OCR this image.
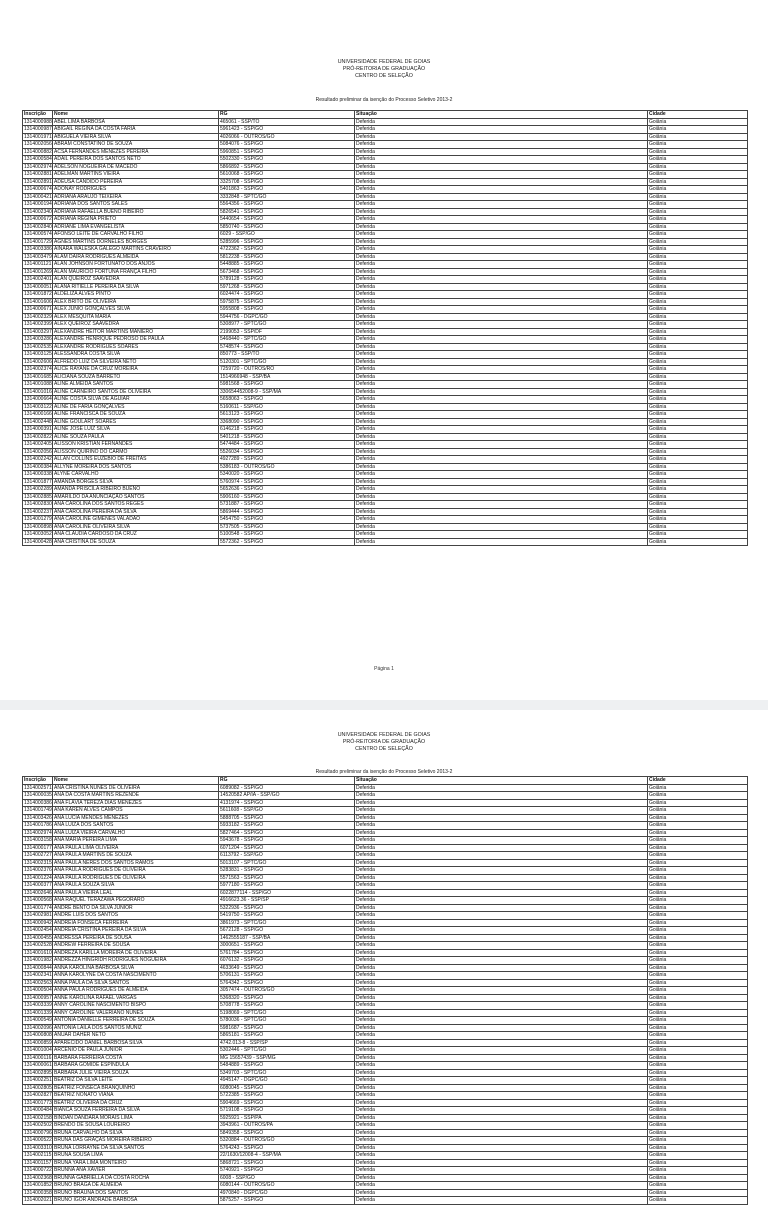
UNIVERSIDADE FEDERAL DE GOIAS
PRÓ-REITORIA DE GRADUAÇÃO
CENTRO DE SELEÇÃO
Resultado preliminar da isenção do Processo Seletivo 2013-2
Inscrição	Nome	RG	Situação	Cidade
1314000988	ABEL LIMA BARBOSA	465061 - SSP/TO	Deferida	Goiânia
1314000987	ABIGAIL REGINA DA COSTA FARIA	5961423 - SSP/GO	Deferida	Goiânia
1314001971	ABIGUELA VIEIRA SILVA	4026066 - OUTROS/GO	Deferida	Goiânia
1314002056	ABRAM CONSTATINO DE SOUZA	5084076 - SSP/GO	Deferida	Goiânia
1314000882	ACSA FERNANDES MENEZES PEREIRA	5960851 - SSP/GO	Deferida	Goiânia
1314000584	ADAIL PEREIRA DOS SANTOS NETO	5502330 - SSP/GO	Deferida	Goiânia
1314002974	ADELSON NOGUEIRA DE MACEDO	5866892 - SSP/GO	Deferida	Goiânia
1314002881	ADELMAN MARTINS VIEIRA	5610068 - SSP/GO	Deferida	Goiânia
1314002891	ADEUSA CANDIDO PEREIRA	3325708 - SSP/GO	Deferida	Goiânia
1314000674	ADONAY RODRIGUES	5401863 - SSP/GO	Deferida	Goiânia
1314000421	ADRIANA ARAUJO TEIXEIRA	3332848 - SPTC/GO	Deferida	Goiânia
1314000194	ADRIANA DOS SANTOS SALES	5564356 - SSP/GO	Deferida	Goiânia
1314002340	ADRIANA RAFAELLA BUENO RIBEIRO	5826541 - SSP/GO	Deferida	Goiânia
1314000672	ADRIANA REGINA PRIETO	5440654 - SSP/GO	Deferida	Goiânia
1314002840	ADRIANE LIMA EVANGELISTA	5850740 - SSP/GO	Deferida	Goiânia
1314000574	AFONSO LEITE DE CARVALHO FILHO	6029 - SSP/GO	Deferida	Goiânia
1314001729	AGNES MARTINS DORNELES BORGES	5285996 - SSP/GO	Deferida	Goiânia
1314003386	AINARA WALESKA GALEGO MARTINS CRAVEIRO	4722362 - SSP/GO	Deferida	Goiânia
1314003479	ALAM DAIRA RODRIGUES ALMEIDA	5812238 - SSP/GO	Deferida	Goiânia
1314001121	ALAN JOHNSON FORTUNATO DOS ANJOS	5448885 - SSP/GO	Deferida	Goiânia
1314001269	ALAN MAURÍCIO FORTUNA FRANÇA FILHO	5673468 - SSP/GO	Deferida	Goiânia
1314002401	ALAN QUEIROZ SAAVEDRA	5789128 - SSP/GO	Deferida	Goiânia
1314000051	ALANA RITIELLE PEREIRA DA SILVA	5971268 - SSP/GO	Deferida	Goiânia
1314001872	ALDELIZA ALVES PINTO	6024474 - SSP/GO	Deferida	Goiânia
1314001606	ALEX BRITO DE OLIVEIRA	5975875 - SSP/GO	Deferida	Goiânia
1314000671	ALEX JUNIO GONÇALVES SILVA	5955808 - SSP/GO	Deferida	Goiânia
1314002329	ALEX MESQUITA MARIA	5944756 - DGPC/GO	Deferida	Goiânia
1314002399	ALEX QUEIROZ SAAVEDRA	5308977 - SPTC/GO	Deferida	Goiânia
1314003297	ALEXANDRE HEITOR MARTINS MANIERO	2199053 - SSP/DF	Deferida	Goiânia
1314003286	ALEXANDRE HENRIQUE PEDROSO DE PAULA	5468440 - SPTC/GO	Deferida	Goiânia
1314002535	ALEXANDRE RODRIGUES SOARES	5748574 - SSP/GO	Deferida	Goiânia
1314003125	ALESSANDRA COSTA SILVA	850773 - SSP/TO	Deferida	Goiânia
1314002606	ALFREDO LUIZ DA SILVEIRA NETO	5120301 - SPTC/GO	Deferida	Goiânia
1314002374	ALICE RAYANE DA CRUZ MOREIRA	7259720 - OUTROS/RO	Deferida	Goiânia
1314001685	ALICIANA SOUZA BARRETO	1514966948 - SSP/BA	Deferida	Goiânia
1314001088	ALINE ALMEIDA SANTOS	5981568 - SSP/GO	Deferida	Goiânia
1314001016	ALINE CARNEIRO SANTOS DE OLIVEIRA	330654452008-9 - SSP/MA	Deferida	Goiânia
1314000664	ALINE COSTA SILVA DE AGUIAR	5658063 - SSP/GO	Deferida	Goiânia
1314003122	ALINE DE FARIA GONÇALVES	5160611 - SSP/GO	Deferida	Goiânia
1314000166	ALINE FRANCISCA DE SOUZA	5613123 - SSP/GO	Deferida	Goiânia
1314002448	ALINE GOULART SOARES	3368090 - SSP/GO	Deferida	Goiânia
1314000391	ALINE JOSE LUIZ SILVA	6146218 - SSP/GO	Deferida	Goiânia
1314002822	ALINE SOUZA PAULA	5401218 - SSP/GO	Deferida	Goiânia
1314002405	ALISSON KRISTIAN FERNANDES	5474484 - SSP/GO	Deferida	Goiânia
1314002056	ALISSON QUIRINO DO CARMO	5526034 - SSP/GO	Deferida	Goiânia
1314002242	ALLAN COLLINS EUZEBIO DE FREITAS	4927289 - SSP/GO	Deferida	Goiânia
1314000384	ALLYNE MOREIRA DOS SANTOS	5386183 - OUTROS/GO	Deferida	Goiânia
1314000338	ALYNE CARVALHO	5340020 - SSP/GO	Deferida	Goiânia
1314001877	AMANDA BORGES SILVA	5760974 - SSP/GO	Deferida	Goiânia
1314002289	AMANDA PRISCILA RIBEIRO BUENO	5652636 - SSP/GO	Deferida	Goiânia
1314002885	AMARILDO DA ANUNCIAÇÃO SANTOS	5906160 - SSP/GO	Deferida	Goiânia
1314002830	ANA CAROLINA DOS SANTOS REGES	5731887 - SSP/GO	Deferida	Goiânia
1314002237	ANA CAROLINA PEREIRA DA SILVA	5869444 - SSP/GO	Deferida	Goiânia
1314001279	ANA CAROLINE GIMENES VALADAO	5454750 - SSP/GO	Deferida	Goiânia
1314000898	ANA CAROLINE OLIVEIRA SILVA	5737505 - SSP/GO	Deferida	Goiânia
1314003052	ANA CLAUDIA CARDOSO DA CRUZ	5100548 - SSP/GO	Deferida	Goiânia
1314000428	ANA CRISTINA DE SOUZA	5572362 - SSP/GO	Deferida	Goiânia
Página 1
UNIVERSIDADE FEDERAL DE GOIAS
PRÓ-REITORIA DE GRADUAÇÃO
CENTRO DE SELEÇÃO
Resultado preliminar da isenção do Processo Seletivo 2013-2
Inscrição	Nome	RG	Situação	Cidade
1314002571	ANA CRISTINA NUNES DE OLIVEIRA	6089082 - SSP/GO	Deferida	Goiânia
1314000035	ANA DA COSTA MARTINS REZENDE	14520582 AP/IA - SSP/GO	Deferida	Goiânia
1314000386	ANA FLÁVIA TEREZA DIAS MENEZES	4131974 - SSP/GO	Deferida	Goiânia
1314001749	ANA KAREN ALVES CAMPOS	5611608 - SSP/GO	Deferida	Goiânia
1314003426	ANA LUCIA MENDES MENEZES	5888705 - SSP/GO	Deferida	Goiânia
1314001786	ANA LUIZA DOS SANTOS	5933182 - SSP/GO	Deferida	Goiânia
1314002974	ANA LUIZA VIEIRA CARVALHO	5827464 - SSP/GO	Deferida	Goiânia
1314003158	ANA MARIA PEREIRA LIMA	5943678 - SSP/GO	Deferida	Goiânia
1314000177	ANA PAULA LIMA OLIVEIRA	6071204 - SSP/GO	Deferida	Goiânia
1314002727	ANA PAULA MARTINS DE SOUZA	6113792 - SSP/GO	Deferida	Goiânia
1314002315	ANA PAULA NERES DOS SANTOS RAMOS	5013107 - SPTC/GO	Deferida	Goiânia
1314002376	ANA PAULA RODRIGUES DE OLIVEIRA	5283831 - SSP/GO	Deferida	Goiânia
1314001224	ANA PAULA RODRIGUES DE OLIVEIRA	5571563 - SSP/GO	Deferida	Goiânia
1314000377	ANA PAULA SOUZA SILVA	5977180 - SSP/GO	Deferida	Goiânia
1314002646	ANA PAULA VIEIRA LEAL	6022877114 - SSP/GO	Deferida	Goiânia
1314000568	ANA RAQUEL TERAZAWA PEGORARO	4916623.36 - SSP/SP	Deferida	Goiânia
1314001774	ANDRÉ BENTO DA SILVA JÚNIOR	5322936 - SSP/GO	Deferida	Goiânia
1314002981	ANDRÉ LUIS DOS SANTOS	5419750 - SSP/GO	Deferida	Goiânia
1314000942	ANDREIA FONSECA FERREIRA	3861973 - SPTC/GO	Deferida	Goiânia
1314002454	ANDREIA CRISTINA PEREIRA DA SILVA	5672128 - SSP/GO	Deferida	Goiânia
1314000455	ANDRESSA PEREIRA DE SOUSA	1462555187 - SSP/BA	Deferida	Goiânia
1314002528	ANDREW FERREIRA DE SOUSA	3000651 - SSP/GO	Deferida	Goiânia
1314001610	ANDREZA KARILLA MOREIRA DE OLIVEIRA	5761784 - SSP/GO	Deferida	Goiânia
1314001982	ANDREZZA HINGRIDH RODRIGUES NOGUEIRA	6076132 - SSP/GO	Deferida	Goiânia
1314000844	ANNA KAROLINA BARBOSA SILVA	4633649 - SSP/GO	Deferida	Goiânia
1314002341	ANNA KAROLYNE DA COSTA NASCIMENTO	5706131 - SSP/GO	Deferida	Goiânia
1314002563	ANNA PAULA DA SILVA SANTOS	5764342 - SSP/GO	Deferida	Goiânia
1314000504	ANNA PAULA RODRIGUES DE ALMEIDA	3057474 - OUTROS/GO	Deferida	Goiânia
1314000957	ANNE KAROLINA RAFAEL VARGAS	5368320 - SSP/GO	Deferida	Goiânia
1314003339	ANNY CAROLINE NASCIMENTO BISPO	5708778 - SSP/GO	Deferida	Goiânia
1314001339	ANNY CAROLINE VALERIANO NUNES	5198069 - SPTC/GO	Deferida	Goiânia
1314000549	ANTONIA DANIELLE FERREIRA DE SOUZA	5780036 - SPTC/GO	Deferida	Goiânia
1314002096	ANTONIA LAILA DOS SANTOS MUNIZ	5981687 - SSP/GO	Deferida	Goiânia
1314000808	ANUAR DAHER NETO	5865181 - SSP/GO	Deferida	Goiânia
1314000859	APARECIDO DANIEL BARBOSA SILVA	4742.013-8 - SSP/SP	Deferida	Goiânia
1314001004	ARCENIO DE PAULA JÚNIOR	5302446 - SPTC/GO	Deferida	Goiânia
1314000116	BARBARA FERREIRA COSTA	MG 15657439 - SSP/MG	Deferida	Goiânia
1314000061	BARBARA GOMIDE ESPÍNDULA	5484889 - SSP/GO	Deferida	Goiânia
1314002895	BÁRBARA JULIE VIEIRA SOUZA	5349703 - SPTC/GO	Deferida	Goiânia
1314002251	BEATRIZ DA SILVA LEITE	4945147 - DGPC/GO	Deferida	Goiânia
1314002805	BEATRIZ FONSECA BRANQUINHO	6080045 - SSP/GO	Deferida	Goiânia
1314002827	BEATRIZ NONATO VIANA	5722385 - SSP/GO	Deferida	Goiânia
1314001773	BEATRIZ OLIVEIRA DA CRUZ	5904669 - SSP/GO	Deferida	Goiânia
1314000484	BIANCA SOUZA FERREIRA DA SILVA	5719108 - SSP/GO	Deferida	Goiânia
1314002158	BINDAN DANDARA MORAIS LIMA	5925921 - SSP/PA	Deferida	Goiânia
1314002502	BRENDO DE SOUSA LOUREIRO	3943961 - OUTROS/PA	Deferida	Goiânia
1314000796	BRUNA CARVALHO DA SILVA	5849358 - SSP/GO	Deferida	Goiânia
1314000522	BRUNA DAS GRAÇAS MOREIRA RIBEIRO	5320884 - OUTROS/GO	Deferida	Goiânia
1314003310	BRUNA LORRAYNE DA SILVA SANTOS	5764243 - SSP/GO	Deferida	Goiânia
1314002115	BRUNA SOUSA LIMA	22/1630/12008-4 - SSP/MA	Deferida	Goiânia
1314001157	BRUNA YARA LIMA MONTEIRO	5868721 - SSP/GO	Deferida	Goiânia
1314000722	BRUNNA ANA XAVIER	5740921 - SSP/GO	Deferida	Goiânia
1314002368	BRUNNA GABRIELLA DA COSTA ROCHA	6008 - SSP/GO	Deferida	Goiânia
1314001852	BRUNO BRAGA DE ALMEIDA	6080144 - OUTROS/GO	Deferida	Goiânia
1314000358	BRUNO BRAUNA DOS SANTOS	4970840 - DGPC/GO	Deferida	Goiânia
1314002021	BRUNO IGOR ANDRADE BARBOSA	5875257 - SSP/GO	Deferida	Goiânia
